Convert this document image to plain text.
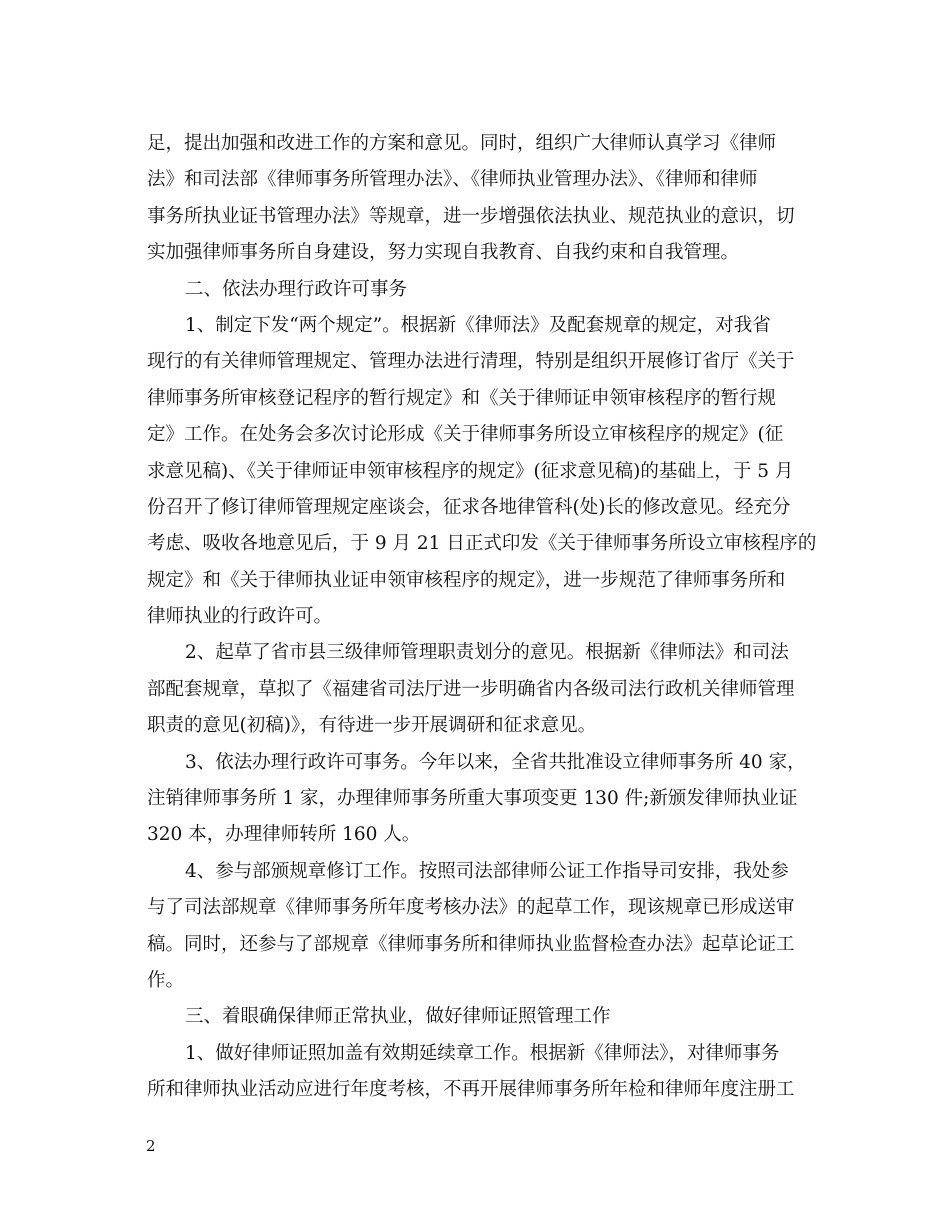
足，提出加强和改进工作的方案和意见。同时，组织广大律师认真学习《律师
法》和司法部《律师事务所管理办法》、《律师执业管理办法》、《律师和律师
事务所执业证书管理办法》等规章，进一步增强依法执业、规范执业的意识，切
实加强律师事务所自身建设，努力实现自我教育、自我约束和自我管理。
二、依法办理行政许可事务
1、制定下发“两个规定”。根据新《律师法》及配套规章的规定，对我省
现行的有关律师管理规定、管理办法进行清理，特别是组织开展修订省厅《关于
律师事务所审核登记程序的暂行规定》和《关于律师证申领审核程序的暂行规
定》工作。在处务会多次讨论形成《关于律师事务所设立审核程序的规定》(征
求意见稿)、《关于律师证申领审核程序的规定》(征求意见稿)的基础上，于 5 月
份召开了修订律师管理规定座谈会，征求各地律管科(处)长的修改意见。经充分
考虑、吸收各地意见后，于 9 月 21 日正式印发《关于律师事务所设立审核程序的
规定》和《关于律师执业证申领审核程序的规定》，进一步规范了律师事务所和
律师执业的行政许可。
2、起草了省市县三级律师管理职责划分的意见。根据新《律师法》和司法
部配套规章，草拟了《福建省司法厅进一步明确省内各级司法行政机关律师管理
职责的意见(初稿)》，有待进一步开展调研和征求意见。
3、依法办理行政许可事务。今年以来，全省共批准设立律师事务所 40 家，
注销律师事务所 1 家，办理律师事务所重大事项变更 130 件;新颁发律师执业证
320 本，办理律师转所 160 人。
4、参与部颁规章修订工作。按照司法部律师公证工作指导司安排，我处参
与了司法部规章《律师事务所年度考核办法》的起草工作，现该规章已形成送审
稿。同时，还参与了部规章《律师事务所和律师执业监督检查办法》起草论证工
作。
三、着眼确保律师正常执业，做好律师证照管理工作
1、做好律师证照加盖有效期延续章工作。根据新《律师法》，对律师事务
所和律师执业活动应进行年度考核，不再开展律师事务所年检和律师年度注册工
2
